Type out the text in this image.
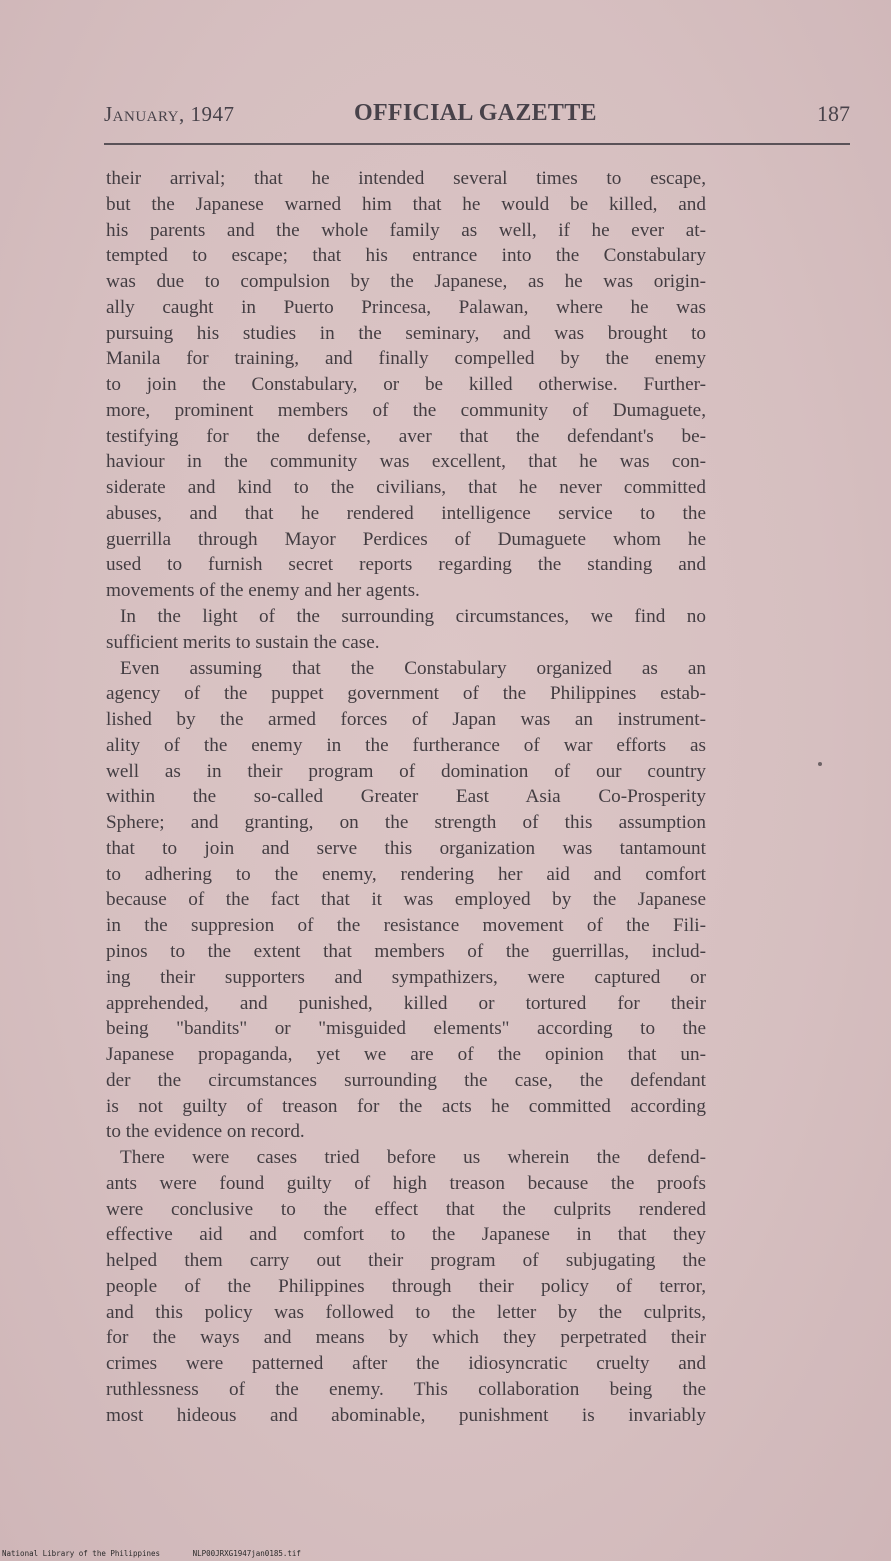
January, 1947	OFFICIAL GAZETTE	187
their arrival; that he intended several times to escape,
but the Japanese warned him that he would be killed, and
his parents and the whole family as well, if he ever at-
tempted to escape; that his entrance into the Constabulary
was due to compulsion by the Japanese, as he was origin-
ally caught in Puerto Princesa, Palawan, where he was
pursuing his studies in the seminary, and was brought to
Manila for training, and finally compelled by the enemy
to join the Constabulary, or be killed otherwise. Further-
more, prominent members of the community of Dumaguete,
testifying for the defense, aver that the defendant's be-
haviour in the community was excellent, that he was con-
siderate and kind to the civilians, that he never committed
abuses, and that he rendered intelligence service to the
guerrilla through Mayor Perdices of Dumaguete whom he
used to furnish secret reports regarding the standing and
movements of the enemy and her agents.
In the light of the surrounding circumstances, we find no
sufficient merits to sustain the case.
Even assuming that the Constabulary organized as an
agency of the puppet government of the Philippines estab-
lished by the armed forces of Japan was an instrument-
ality of the enemy in the furtherance of war efforts as
well as in their program of domination of our country
within the so-called Greater East Asia Co-Prosperity
Sphere; and granting, on the strength of this assumption
that to join and serve this organization was tantamount
to adhering to the enemy, rendering her aid and comfort
because of the fact that it was employed by the Japanese
in the suppresion of the resistance movement of the Fili-
pinos to the extent that members of the guerrillas, includ-
ing their supporters and sympathizers, were captured or
apprehended, and punished, killed or tortured for their
being "bandits" or "misguided elements" according to the
Japanese propaganda, yet we are of the opinion that un-
der the circumstances surrounding the case, the defendant
is not guilty of treason for the acts he committed according
to the evidence on record.
There were cases tried before us wherein the defend-
ants were found guilty of high treason because the proofs
were conclusive to the effect that the culprits rendered
effective aid and comfort to the Japanese in that they
helped them carry out their program of subjugating the
people of the Philippines through their policy of terror,
and this policy was followed to the letter by the culprits,
for the ways and means by which they perpetrated their
crimes were patterned after the idiosyncratic cruelty and
ruthlessness of the enemy. This collaboration being the
most hideous and abominable, punishment is invariably
National Library of the Philippines	NLP00JRXG1947jan0185.tif
